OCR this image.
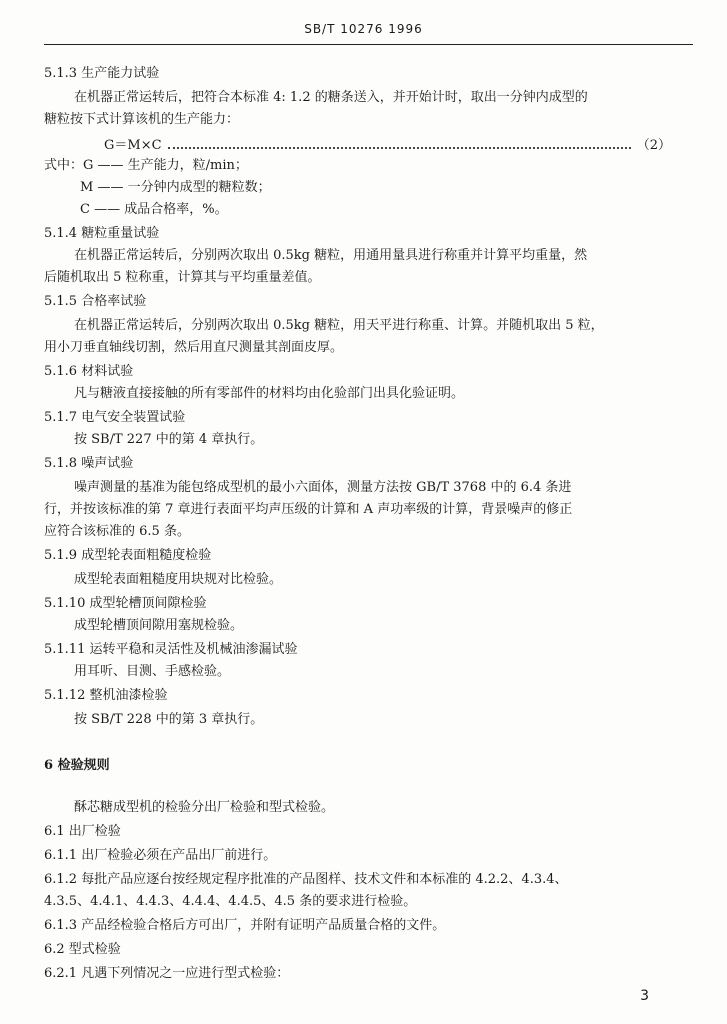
SB/T 10276 1996
5.1.3 生产能力试验
在机器正常运转后，把符合本标准 4: 1.2 的糖条送入，并开始计时，取出一分钟内成型的
糖粒按下式计算该机的生产能力：
G＝M×C	（2）
式中：G —— 生产能力，粒/min；
M —— 一分钟内成型的糖粒数；
C —— 成品合格率，%。
5.1.4 糖粒重量试验
在机器正常运转后，分别两次取出 0.5kg 糖粒，用通用量具进行称重并计算平均重量，然
后随机取出 5 粒称重，计算其与平均重量差值。
5.1.5 合格率试验
在机器正常运转后，分别两次取出 0.5kg 糖粒，用天平进行称重、计算。并随机取出 5 粒，
用小刀垂直轴线切割，然后用直尺测量其剖面皮厚。
5.1.6 材料试验
凡与糖液直接接触的所有零部件的材料均由化验部门出具化验证明。
5.1.7 电气安全装置试验
按 SB/T 227 中的第 4 章执行。
5.1.8 噪声试验
噪声测量的基准为能包络成型机的最小六面体，测量方法按 GB/T 3768 中的 6.4 条进
行，并按该标准的第 7 章进行表面平均声压级的计算和 A 声功率级的计算，背景噪声的修正
应符合该标准的 6.5 条。
5.1.9 成型轮表面粗糙度检验
成型轮表面粗糙度用块规对比检验。
5.1.10 成型轮槽顶间隙检验
成型轮槽顶间隙用塞规检验。
5.1.11 运转平稳和灵活性及机械油渗漏试验
用耳听、目测、手感检验。
5.1.12 整机油漆检验
按 SB/T 228 中的第 3 章执行。
6 检验规则
酥芯糖成型机的检验分出厂检验和型式检验。
6.1 出厂检验
6.1.1 出厂检验必须在产品出厂前进行。
6.1.2 每批产品应逐台按经规定程序批准的产品图样、技术文件和本标准的 4.2.2、4.3.4、
4.3.5、4.4.1、4.4.3、4.4.4、4.4.5、4.5 条的要求进行检验。
6.1.3 产品经检验合格后方可出厂，并附有证明产品质量合格的文件。
6.2 型式检验
6.2.1 凡遇下列情况之一应进行型式检验：
3
